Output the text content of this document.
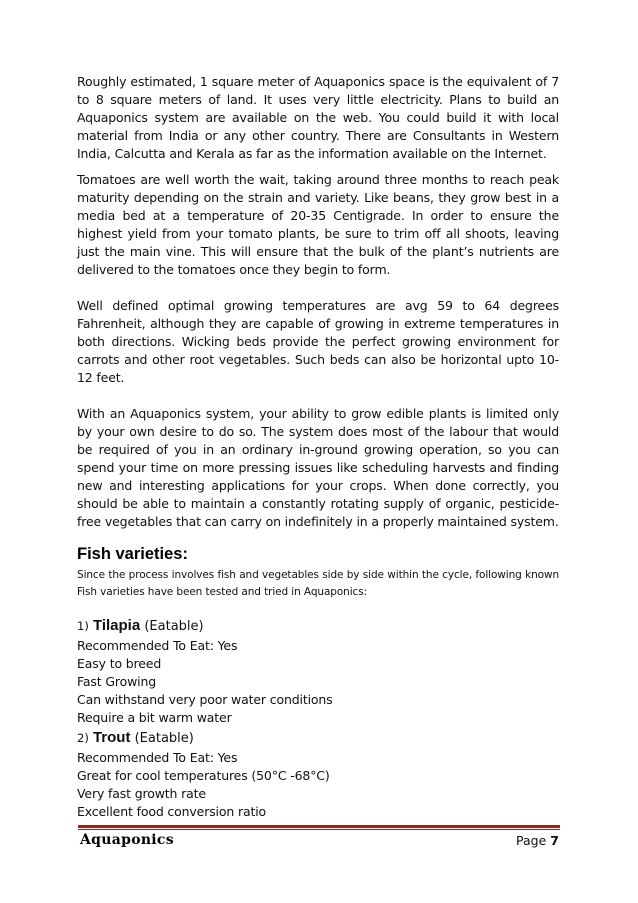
Roughly estimated, 1 square meter of Aquaponics space is the equivalent of 7 to 8 square meters of land. It uses very little electricity. Plans to build an Aquaponics system are available on the web. You could build it with local material from India or any other country. There are Consultants in Western India, Calcutta and Kerala as far as the information available on the Internet.

Tomatoes are well worth the wait, taking around three months to reach peak maturity depending on the strain and variety. Like beans, they grow best in a media bed at a temperature of 20-35 Centigrade. In order to ensure the highest yield from your tomato plants, be sure to trim off all shoots, leaving just the main vine. This will ensure that the bulk of the plant’s nutrients are delivered to the tomatoes once they begin to form.

Well defined optimal growing temperatures are avg 59 to 64 degrees Fahrenheit, although they are capable of growing in extreme temperatures in both directions. Wicking beds provide the perfect growing environment for carrots and other root vegetables. Such beds can also be horizontal upto 10-12 feet.

With an Aquaponics system, your ability to grow edible plants is limited only by your own desire to do so. The system does most of the labour that would be required of you in an ordinary in-ground growing operation, so you can spend your time on more pressing issues like scheduling harvests and finding new and interesting applications for your crops. When done correctly, you should be able to maintain a constantly rotating supply of organic, pesticide-free vegetables that can carry on indefinitely in a properly maintained system.

Fish varieties:

Since the process involves fish and vegetables side by side within the cycle, following known Fish varieties have been tested and tried in Aquaponics:

1) Tilapia (Eatable)
Recommended To Eat: Yes
Easy to breed
Fast Growing
Can withstand very poor water conditions
Require a bit warm water
2) Trout (Eatable)
Recommended To Eat: Yes
Great for cool temperatures (50°C -68°C)
Very fast growth rate
Excellent food conversion ratio
Aquaponics	Page 7
